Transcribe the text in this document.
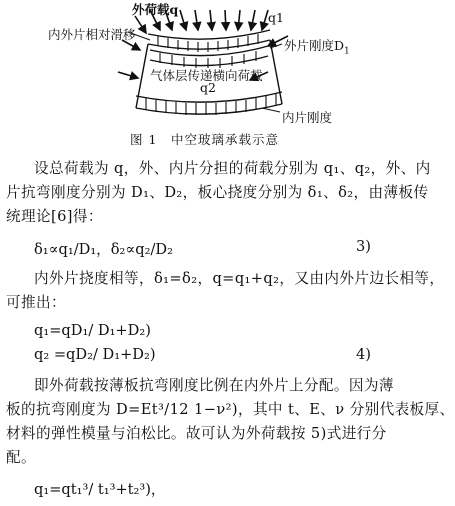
外荷载q
q1
内外片相对滑移
外片刚度$D_1$
气体层传递横向荷载
q2
内片刚度
图 1　中空玻璃承载示意
设总荷载为 q，外、内片分担的荷载分别为 q₁、q₂，外、内
片抗弯刚度分别为 D₁、D₂，板心挠度分别为 δ₁、δ₂，由薄板传
统理论[6]得：
δ₁∝q₁/D₁，δ₂∝q₂/D₂	3)
内外片挠度相等，δ₁=δ₂，q=q₁+q₂，又由内外片边长相等，
可推出：
q₁=qD₁/ D₁+D₂)
q₂ =qD₂/ D₁+D₂)	4)
即外荷载按薄板抗弯刚度比例在内外片上分配。因为薄
板的抗弯刚度为 D=Et³/12 1−ν²)，其中 t、E、ν 分别代表板厚、
材料的弹性模量与泊松比。故可认为外荷载按 5)式进行分
配。
q₁=qt₁³/ t₁³+t₂³)，
